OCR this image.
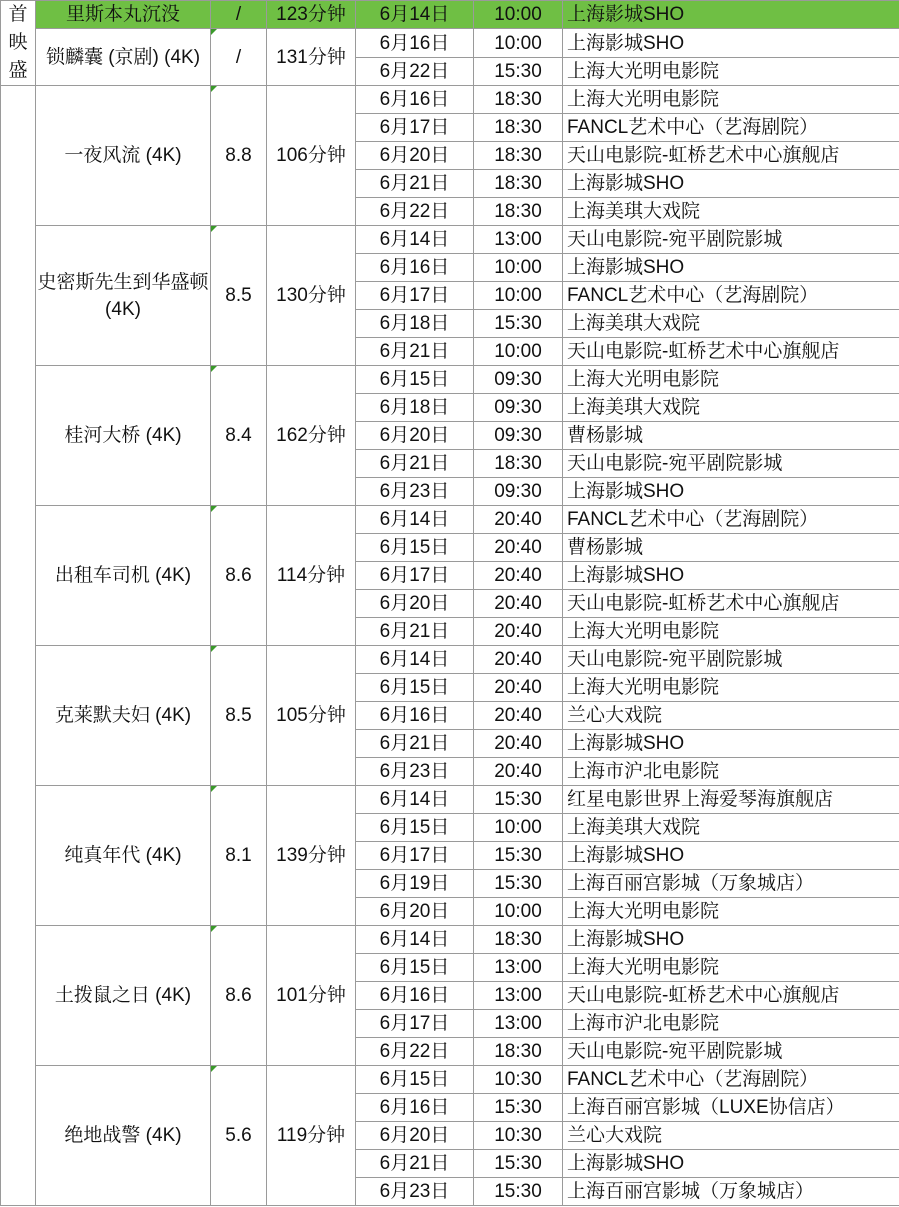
首
映
盛	里斯本丸沉没	/	123分钟	6月14日	10:00	上海影城SHO
	锁麟囊 (京剧) (4K)	/	131分钟	6月16日	10:00	上海影城SHO
				6月22日	15:30	上海大光明电影院
	一夜风流 (4K)	8.8	106分钟	6月16日	18:30	上海大光明电影院
				6月17日	18:30	FANCL艺术中心（艺海剧院）
				6月20日	18:30	天山电影院-虹桥艺术中心旗舰店
				6月21日	18:30	上海影城SHO
				6月22日	18:30	上海美琪大戏院
	史密斯先生到华盛顿 (4K)	8.5	130分钟	6月14日	13:00	天山电影院-宛平剧院影城
				6月16日	10:00	上海影城SHO
				6月17日	10:00	FANCL艺术中心（艺海剧院）
				6月18日	15:30	上海美琪大戏院
				6月21日	10:00	天山电影院-虹桥艺术中心旗舰店
	桂河大桥 (4K)	8.4	162分钟	6月15日	09:30	上海大光明电影院
				6月18日	09:30	上海美琪大戏院
				6月20日	09:30	曹杨影城
				6月21日	18:30	天山电影院-宛平剧院影城
				6月23日	09:30	上海影城SHO
	出租车司机 (4K)	8.6	114分钟	6月14日	20:40	FANCL艺术中心（艺海剧院）
				6月15日	20:40	曹杨影城
				6月17日	20:40	上海影城SHO
				6月20日	20:40	天山电影院-虹桥艺术中心旗舰店
				6月21日	20:40	上海大光明电影院
	克莱默夫妇 (4K)	8.5	105分钟	6月14日	20:40	天山电影院-宛平剧院影城
				6月15日	20:40	上海大光明电影院
				6月16日	20:40	兰心大戏院
				6月21日	20:40	上海影城SHO
				6月23日	20:40	上海市沪北电影院
	纯真年代 (4K)	8.1	139分钟	6月14日	15:30	红星电影世界上海爱琴海旗舰店
				6月15日	10:00	上海美琪大戏院
				6月17日	15:30	上海影城SHO
				6月19日	15:30	上海百丽宫影城（万象城店）
				6月20日	10:00	上海大光明电影院
	土拨鼠之日 (4K)	8.6	101分钟	6月14日	18:30	上海影城SHO
				6月15日	13:00	上海大光明电影院
				6月16日	13:00	天山电影院-虹桥艺术中心旗舰店
				6月17日	13:00	上海市沪北电影院
				6月22日	18:30	天山电影院-宛平剧院影城
	绝地战警 (4K)	5.6	119分钟	6月15日	10:30	FANCL艺术中心（艺海剧院）
				6月16日	15:30	上海百丽宫影城（LUXE协信店）
				6月20日	10:30	兰心大戏院
				6月21日	15:30	上海影城SHO
				6月23日	15:30	上海百丽宫影城（万象城店）
